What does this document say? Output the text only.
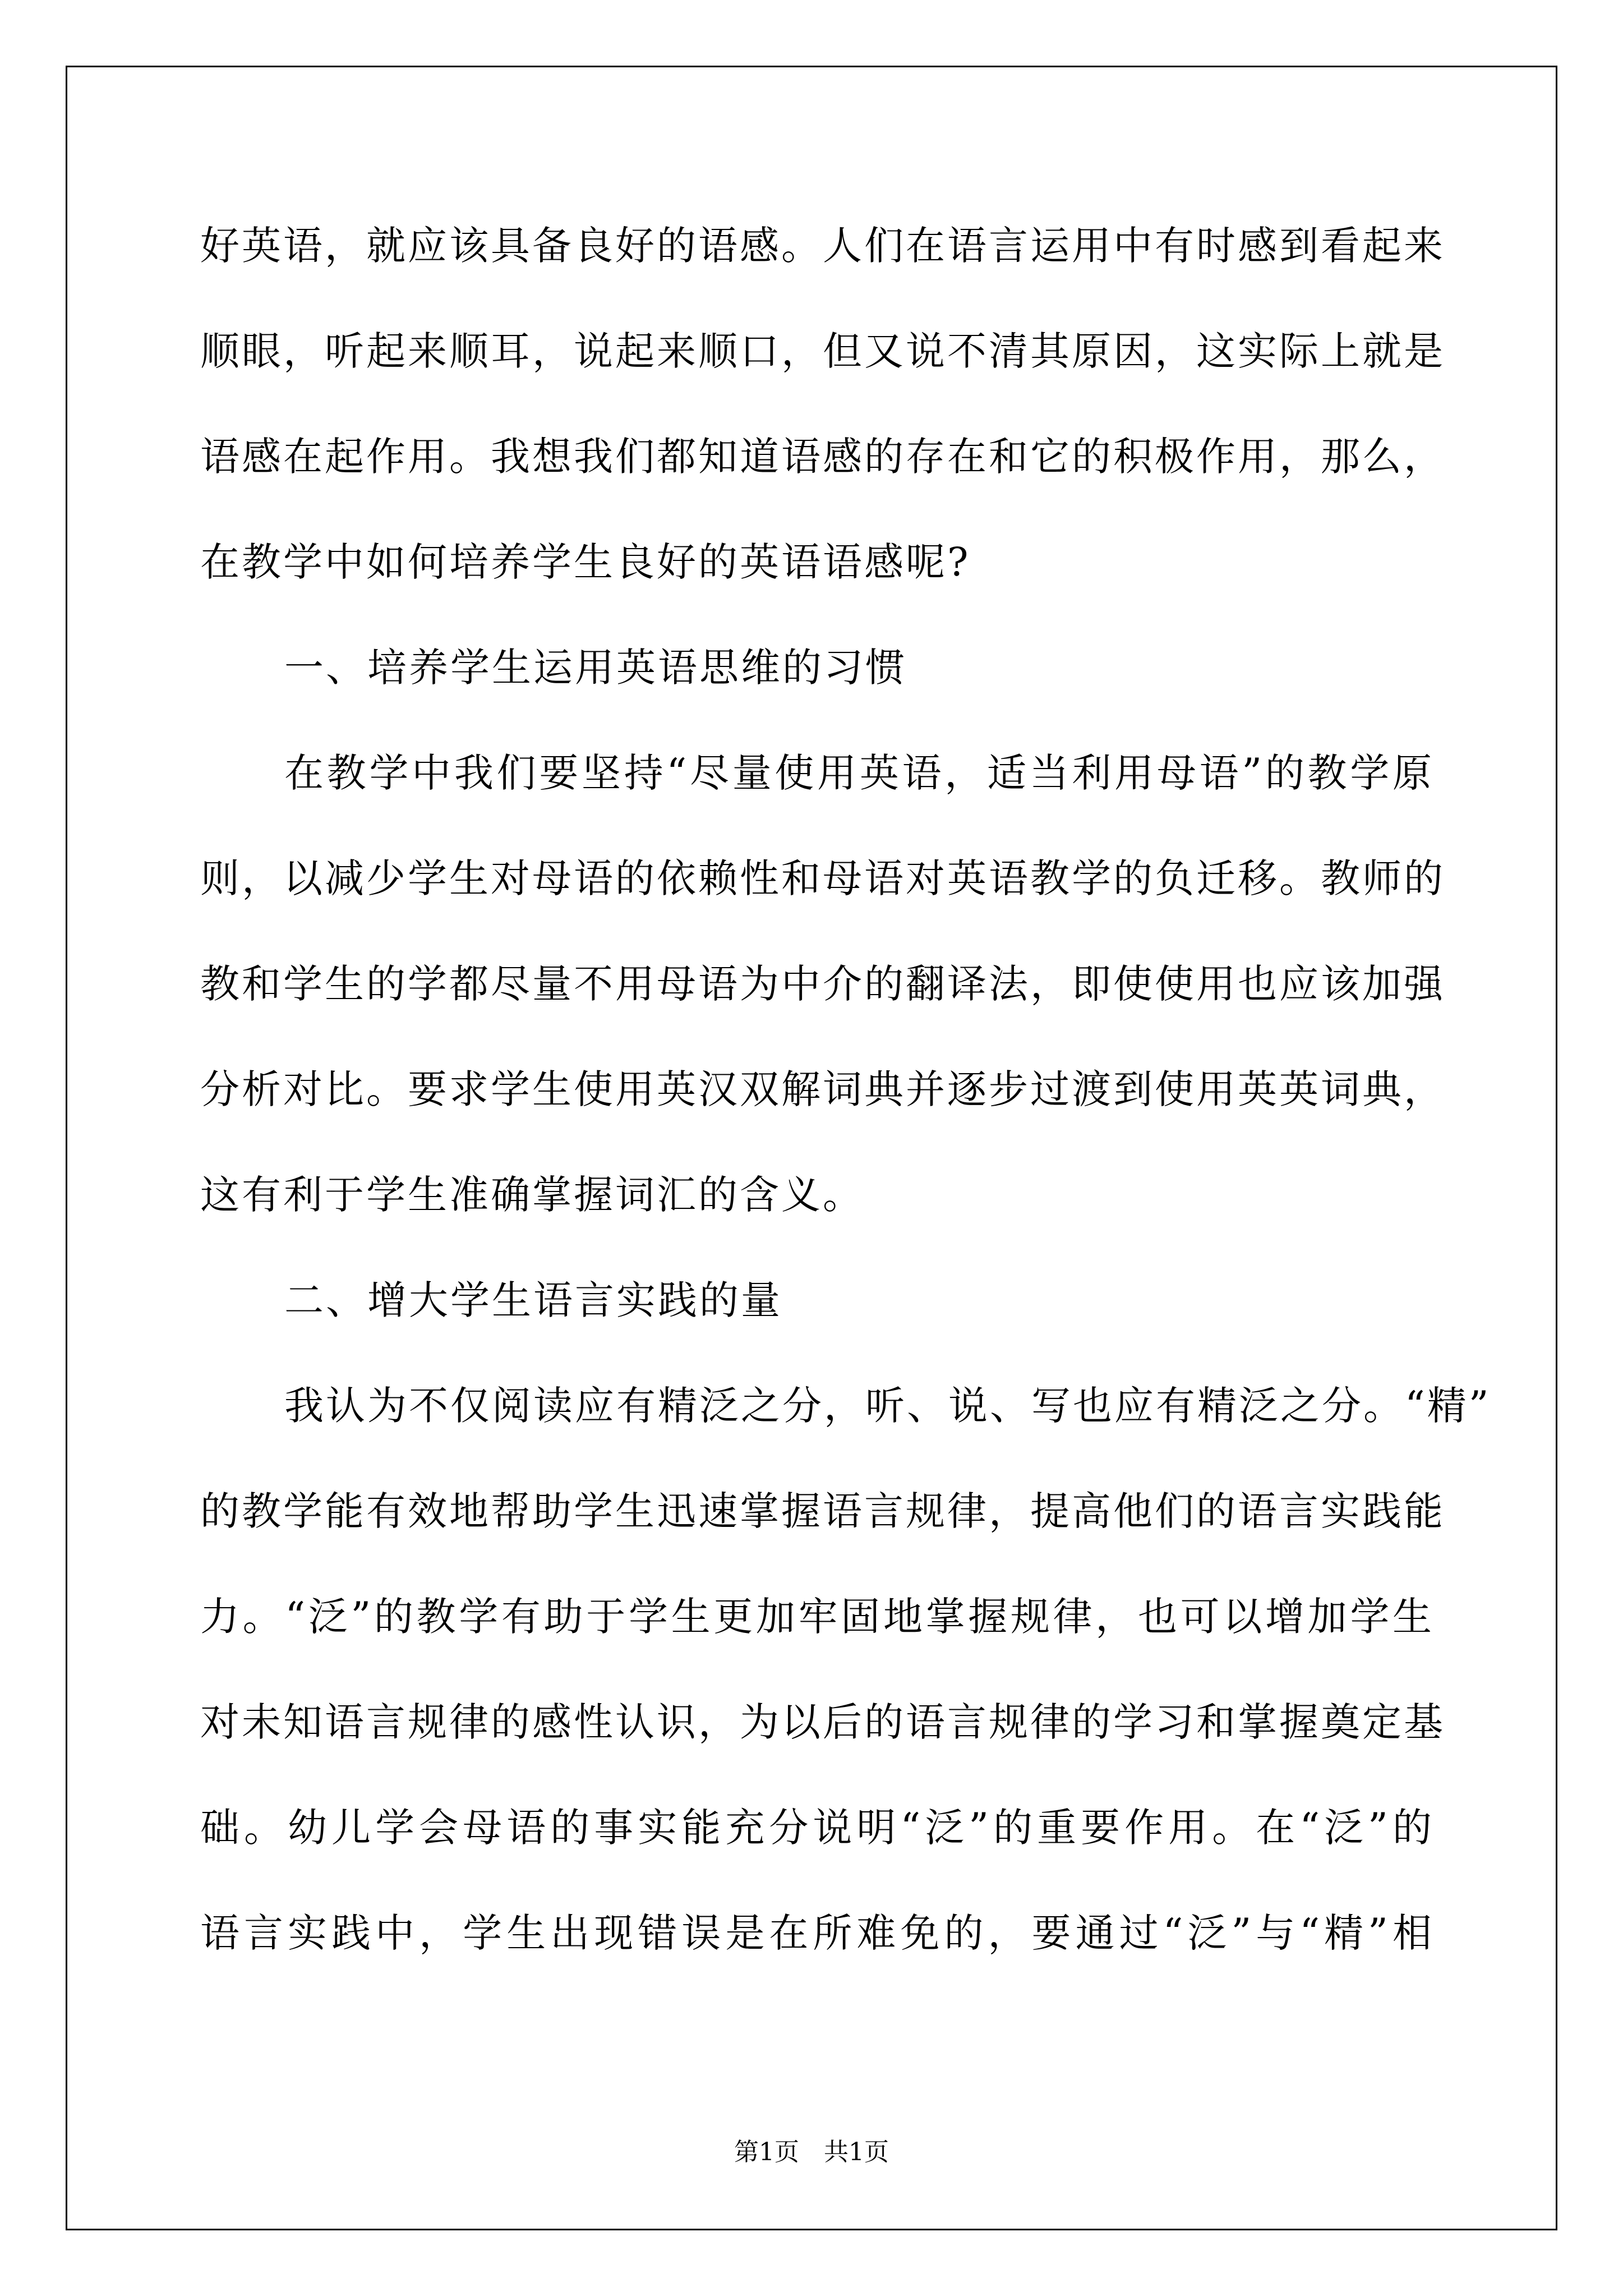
好英语，就应该具备良好的语感。人们在语言运用中有时感到看起来
顺眼，听起来顺耳，说起来顺口，但又说不清其原因，这实际上就是
语感在起作用。我想我们都知道语感的存在和它的积极作用，那么，
在教学中如何培养学生良好的英语语感呢?
一、培养学生运用英语思维的习惯
在教学中我们要坚持“尽量使用英语，适当利用母语”的教学原
则，以减少学生对母语的依赖性和母语对英语教学的负迁移。教师的
教和学生的学都尽量不用母语为中介的翻译法，即使使用也应该加强
分析对比。要求学生使用英汉双解词典并逐步过渡到使用英英词典，
这有利于学生准确掌握词汇的含义。
二、增大学生语言实践的量
我认为不仅阅读应有精泛之分，听、说、写也应有精泛之分。“精”
的教学能有效地帮助学生迅速掌握语言规律，提高他们的语言实践能
力。“泛”的教学有助于学生更加牢固地掌握规律，也可以增加学生
对未知语言规律的感性认识，为以后的语言规律的学习和掌握奠定基
础。幼儿学会母语的事实能充分说明“泛”的重要作用。在“泛”的
语言实践中，学生出现错误是在所难免的，要通过“泛”与“精”相
第1页　共1页
